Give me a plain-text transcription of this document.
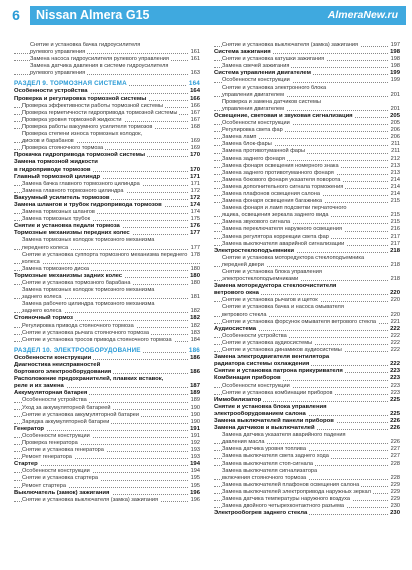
6	Nissan Almera G15	AlmeraNew.ru
Снятие и установка бачка гидроусилителя
161
рулевого управления
161
Замена насоса гидроусилителя рулевого управления
Замена датчика давления в системе гидроусилителя
163
рулевого управления
164
РАЗДЕЛ 9. ТОРМОЗНАЯ СИСТЕМА
164
Особенности устройства
166
Проверка и регулировка тормозной системы
166
Проверка эффективности работы тормозной системы
167
Проверка герметичности гидропривода тормозной системы
167
Проверка уровня тормозной жидкости
168
Проверка работы вакуумного усилителя тормозов
Проверка степени износа тормозных колодок,
169
дисков и барабанов
169
Проверка стояночного тормоза
170
Прокачка гидропривода тормозной системы
Замена тормозной жидкости
170
в гидроприводе тормозов
171
Главный тормозной цилиндр
171
Замена бачка главного тормозного цилиндра
172
Замена главного тормозного цилиндра
172
Вакуумный усилитель тормозов
174
Замена шлангов и трубок гидропривода тормозов
174
Замена тормозных шлангов
175
Замена тормозных трубок
176
Снятие и установка педали тормоза
177
Тормозные механизмы передних колес
Замена тормозных колодок тормозного механизма
177
переднего колеса
178
Снятие и установка суппорта тормозного механизма переднего колеса
180
Замена тормозного диска
180
Тормозные механизмы задних колес
180
Снятие и установка тормозного барабана
Замена тормозных колодок тормозного механизма
181
заднего колеса
Замена рабочего цилиндра тормозного механизма
182
заднего колеса
182
Стояночный тормоз
182
Регулировка привода стояночного тормоза
183
Снятие и установка рычага стояночного тормоза
184
Снятие и установка тросов привода стояночного тормоза
186
РАЗДЕЛ 10. ЭЛЕКТРООБОРУДОВАНИЕ
186
Особенности конструкции
Диагностика неисправностей
186
бортового электрооборудования
Расположение предохранителей, плавких вставок,
187
реле и их замена
189
Аккумуляторная батарея
189
Особенности устройства
190
Уход за аккумуляторной батареей
190
Снятие и установка аккумуляторной батареи
190
Зарядка аккумуляторной батареи
191
Генератор
191
Особенности конструкции
192
Проверка генератора
193
Снятие и установка генератора
193
Ремонт генератора
194
Стартер
194
Особенности конструкции
195
Снятие и установка стартера
195
Ремонт стартера
196
Выключатель (замок) зажигания
196
Снятие и установка выключателя (замка) зажигания
197
Снятие и установка выключателя (замка) зажигания
198
Система зажигания
198
Снятие и установка катушки зажигания
198
Замена свечей зажигания
199
Система управления двигателем
199
Особенности конструкции
Снятие и установка электронного блока
201
управления двигателем
Проверка и замена датчиков системы
201
управления двигателем
205
Освещение, световая и звуковая сигнализация
205
Особенности конструкции
206
Регулировка света фар
206
Замена ламп
211
Замена блок-фары
211
Замена противотуманной фары
212
Замена заднего фонаря
213
Замена фонаря освещения номерного знака
213
Замена заднего противотуманного фонаря
214
Замена бокового фонаря указателя поворота
214
Замена дополнительного сигнала торможения
214
Замена плафонов освещения салона
215
Замена фонаря освещения багажника
Замена фонаря и ламп подсветки перчаточного
215
ящика, освещения зеркала заднего вида
215
Замена звукового сигнала
216
Замена переключателя наружного освещения
217
Замена регулятора коррекции света фар
217
Замена выключателя аварийной сигнализации
218
Электростеклоподъемники
Снятие и установка моторедуктора стеклоподъемника
218
передней двери
Снятие и установка блока управления
218
электростеклоподъемниками
Замена моторедуктора стеклоочистителя
220
ветрового окна
220
Снятие и установка рычагов и щеток
Снятие и установка бачка и насоса омывателя
220
ветрового стекла
221
Снятие и установка форсунок омывателя ветрового стекла
222
Аудиосистема
222
Особенности устройства
222
Снятие и установка аудиосистемы
222
Снятие и установка динамиков аудиосистемы
Замена электродвигателя вентилятора
222
радиатора системы охлаждения
223
Снятие и установка патрона прикуривателя
223
Комбинация приборов
223
Особенности конструкции
223
Снятие и установка комбинации приборов
225
Иммобилизатор
Снятие и установка блока управления
225
электрооборудованием салона
226
Замена выключателей панели приборов
226
Замена датчиков и выключателей
Замена датчика указателя аварийного падения
226
давления масла
227
Замена датчика уровня топлива
227
Замена выключателя света заднего хода
228
Замена выключателя стоп-сигнала
Замена выключателя сигнализатора
228
включения стояночного тормоза
229
Замена выключателей плафонов освещения салона
229
Замена выключателей электропривода наружных зеркал
229
Замена датчика температуры наружного воздуха
230
Замена двойного четырехконтактного разъема
230
Электрообогрев заднего стекла
